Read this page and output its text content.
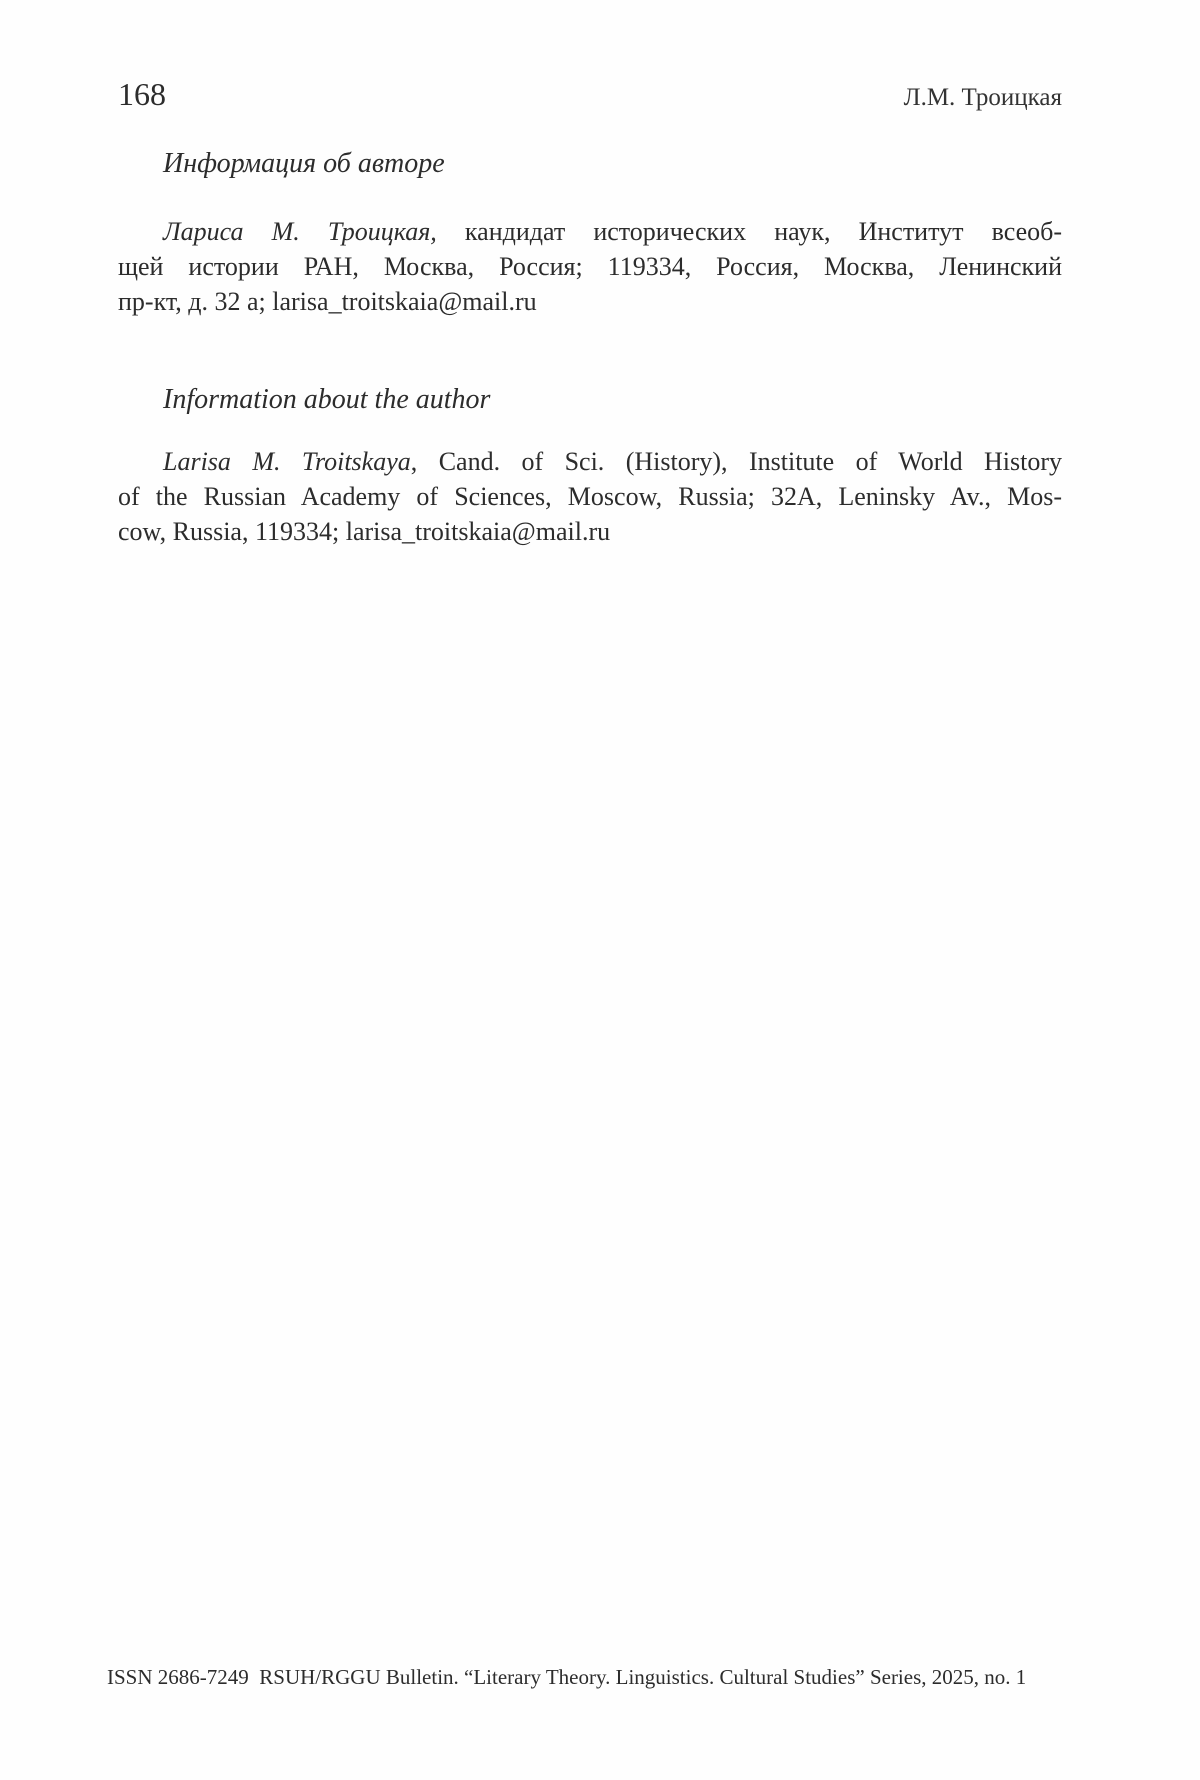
168	Л.М. Троицкая
Информация об авторе
Лариса М. Троицкая, кандидат исторических наук, Институт всеоб-
щей истории РАН, Москва, Россия; 119334, Россия, Москва, Ленинский
пр-кт, д. 32 а; larisa_troitskaia@mail.ru
Information about the author
Larisa M. Troitskaya, Cand. of Sci. (History), Institute of World History
of the Russian Academy of Sciences, Moscow, Russia; 32A, Leninsky Av., Mos-
cow, Russia, 119334; larisa_troitskaia@mail.ru
ISSN 2686-7249  RSUH/RGGU Bulletin. “Literary Theory. Linguistics. Cultural Studies” Series, 2025, no. 1
